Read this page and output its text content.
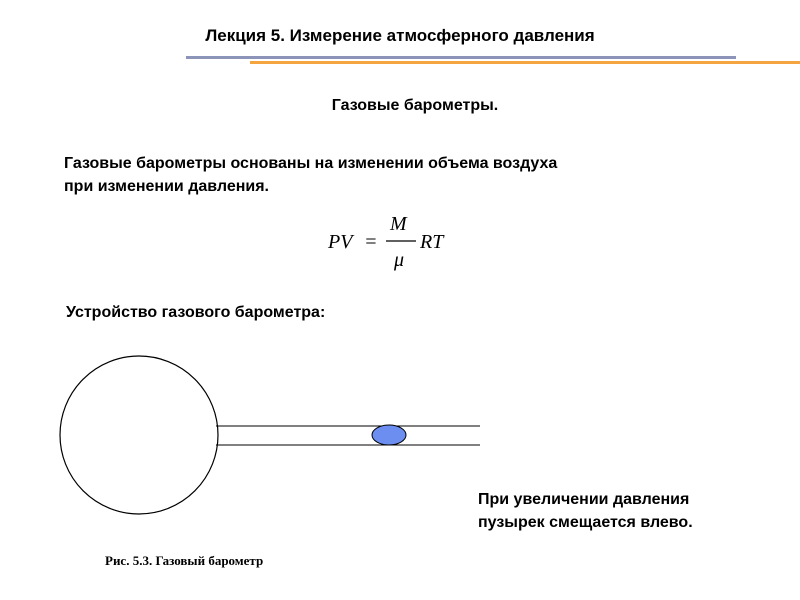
Лекция 5. Измерение атмосферного давления
Газовые барометры.
Газовые барометры основаны на изменении объема воздуха
при изменении давления.
PV =
M
μ
RT
Устройство газового барометра:
При увеличении давления
пузырек смещается влево.
Рис. 5.3. Газовый барометр
